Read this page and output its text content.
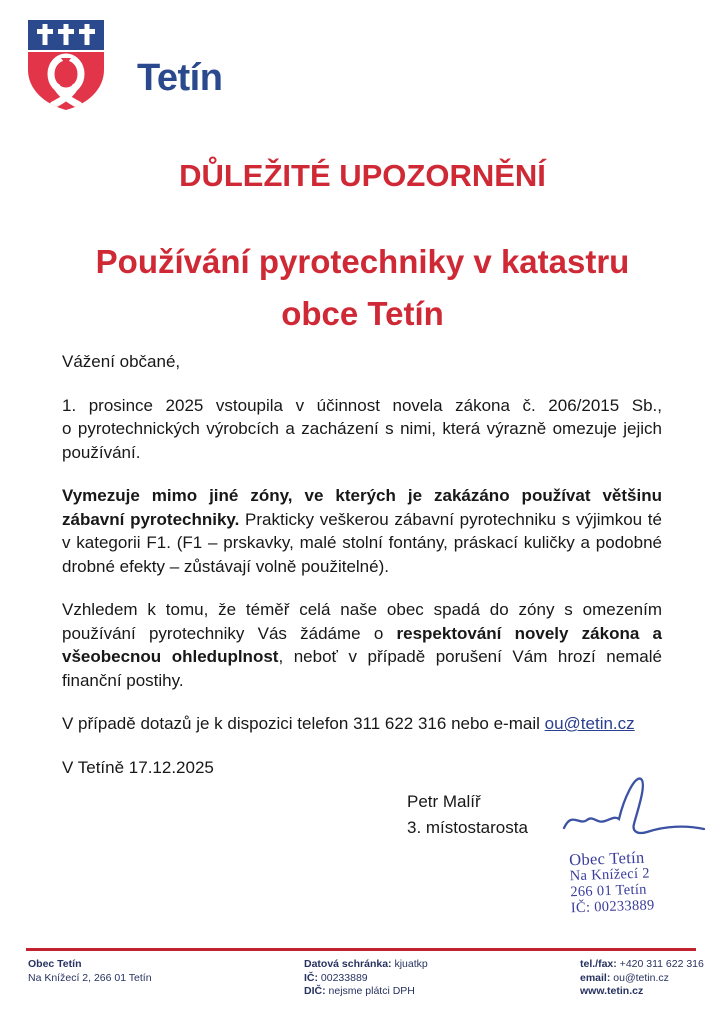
Tetín
DŮLEŽITÉ UPOZORNĚNÍ
Používání pyrotechniky v katastru
obce Tetín

Vážení občané,

1. prosince 2025 vstoupila v účinnost novela zákona č. 206/2015 Sb., o pyrotechnických výrobcích a zacházení s nimi, která výrazně omezuje jejich používání.

Vymezuje mimo jiné zóny, ve kterých je zakázáno používat většinu zábavní pyrotechniky. Prakticky veškerou zábavní pyrotechniku s výjimkou té v kategorii F1. (F1 – prskavky, malé stolní fontány, práskací kuličky a podobné drobné efekty – zůstávají volně použitelné).

Vzhledem k tomu, že téměř celá naše obec spadá do zóny s omezením používání pyrotechniky Vás žádáme o respektování novely zákona a všeobecnou ohleduplnost, neboť v případě porušení Vám hrozí nemalé finanční postihy.

V případě dotazů je k dispozici telefon 311 622 316 nebo e-mail ou@tetin.cz

V Tetíně 17.12.2025

Petr Malíř
3. místostarosta
Obec Tetín
Na Knížecí 2
266 01 Tetín
IČ: 00233889
Obec Tetín
Na Knížecí 2, 266 01 Tetín
Datová schránka: kjuatkp
IČ: 00233889
DIČ: nejsme plátci DPH
tel./fax: +420 311 622 316
email: ou@tetin.cz
www.tetin.cz
